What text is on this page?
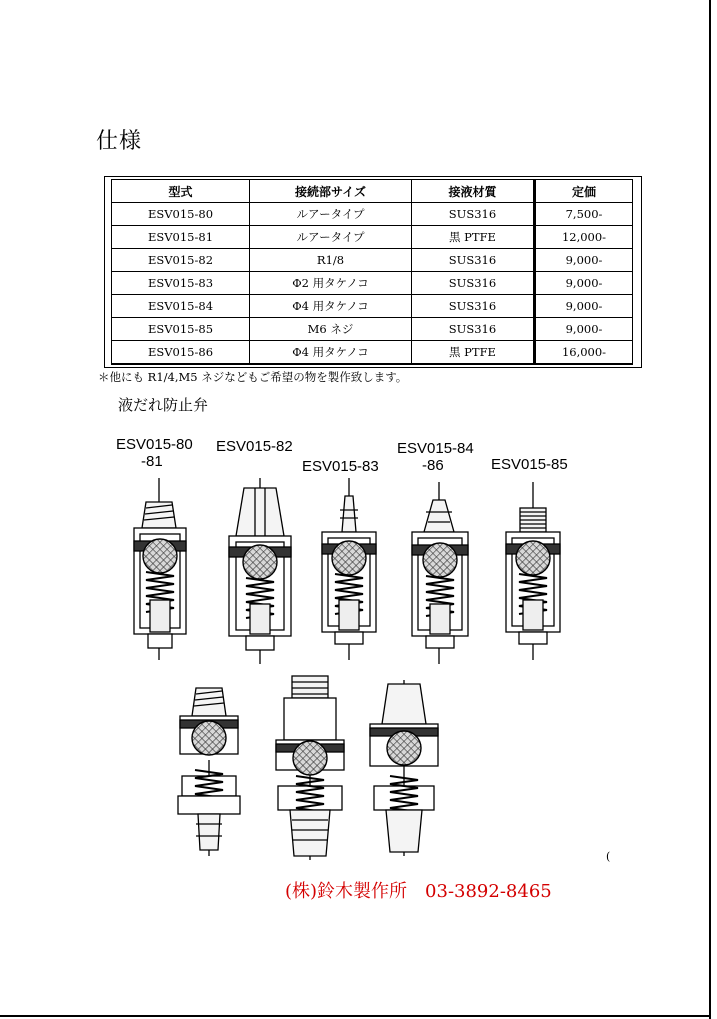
仕様
型式	接続部サイズ	接液材質	定価
ESV015-80	ルアータイプ	SUS316	7,500-
ESV015-81	ルアータイプ	黒 PTFE	12,000-
ESV015-82	R1/8	SUS316	9,000-
ESV015-83	Φ2 用タケノコ	SUS316	9,000-
ESV015-84	Φ4 用タケノコ	SUS316	9,000-
ESV015-85	M6 ネジ	SUS316	9,000-
ESV015-86	Φ4 用タケノコ	黒 PTFE	16,000-
＊他にも R1/4,M5 ネジなどもご希望の物を製作致します。
液だれ防止弁
ESV015-80
-81
ESV015-82
ESV015-83
ESV015-84
-86	ESV015-85
(
(株)鈴木製作所　03-3892-8465
